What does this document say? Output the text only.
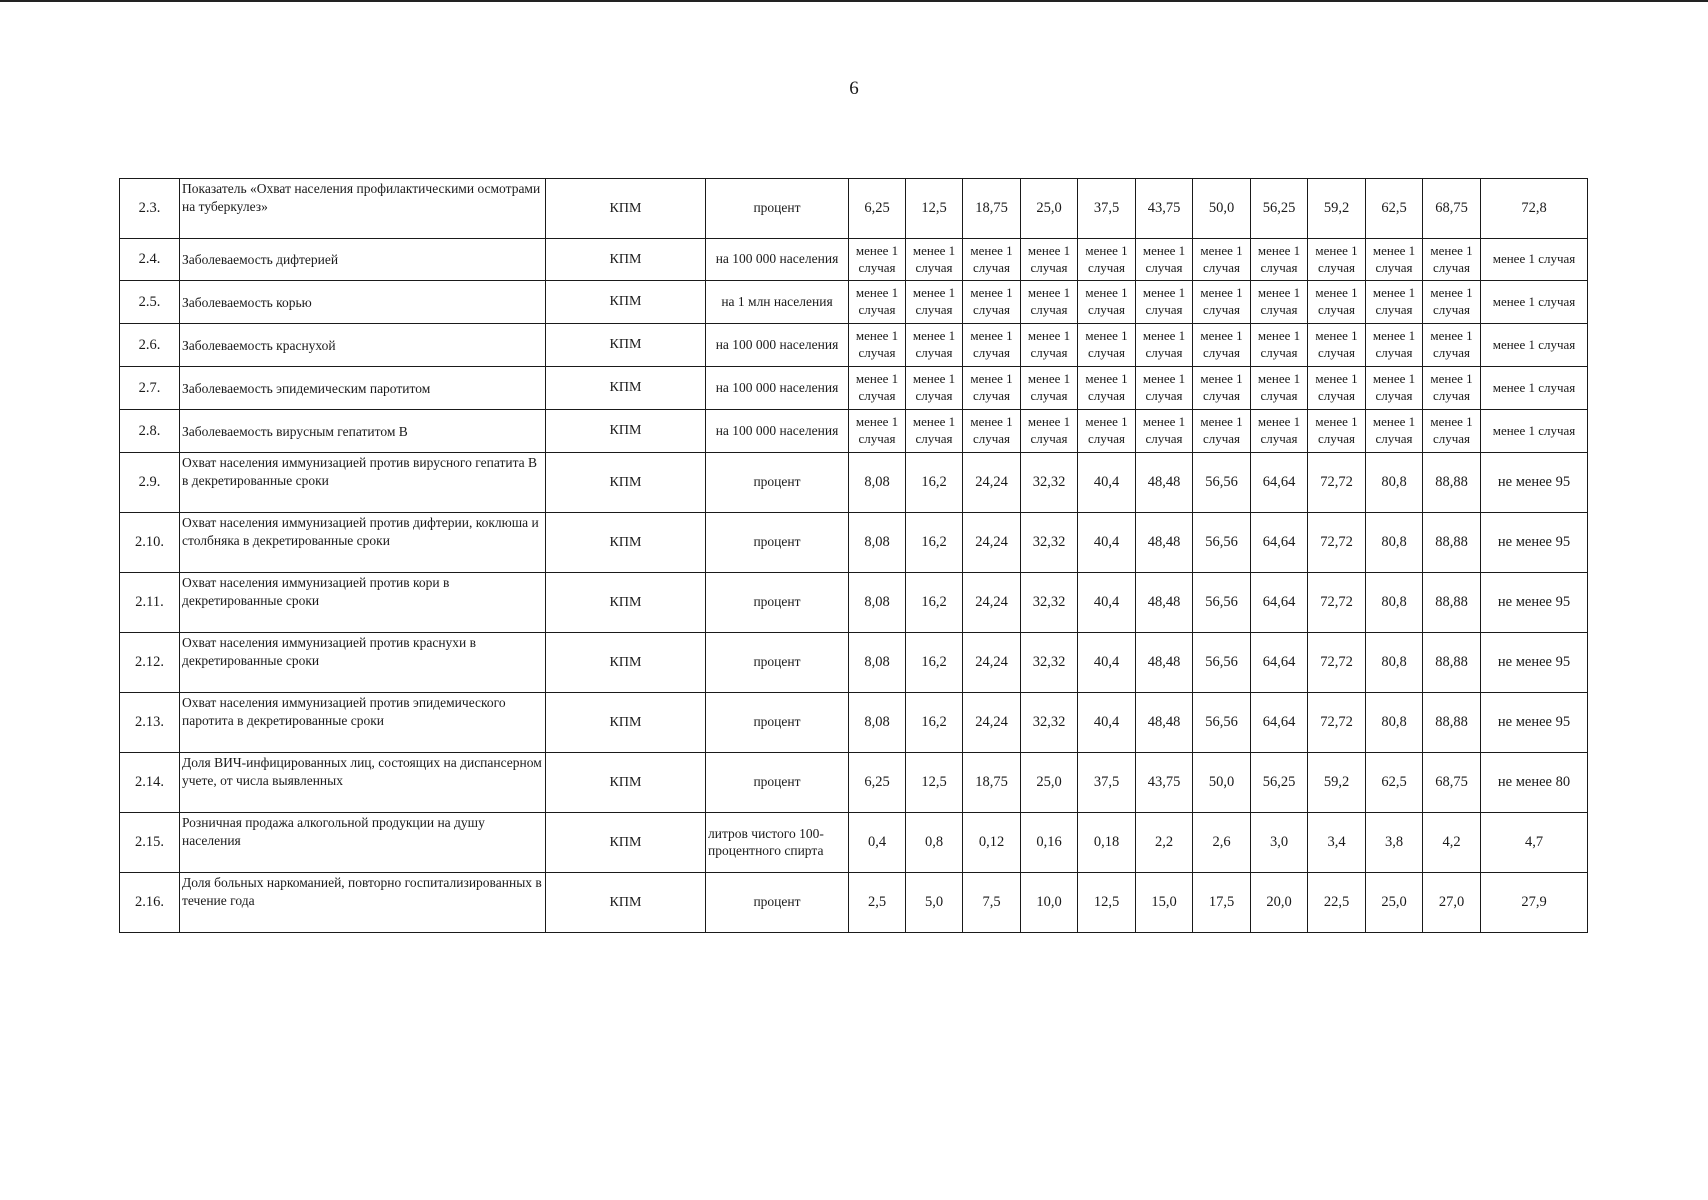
6
2.3.	Показатель «Охват населения профилактическими осмотрами на туберкулез»	КПМ	процент	6,25	12,5	18,75	25,0	37,5	43,75	50,0	56,25	59,2	62,5	68,75	72,8
2.4.	Заболеваемость дифтерией	КПМ	на 100 000 населения	менее 1 случая	менее 1 случая	менее 1 случая	менее 1 случая	менее 1 случая	менее 1 случая	менее 1 случая	менее 1 случая	менее 1 случая	менее 1 случая	менее 1 случая	менее 1 случая
2.5.	Заболеваемость корью	КПМ	на 1 млн населения	менее 1 случая	менее 1 случая	менее 1 случая	менее 1 случая	менее 1 случая	менее 1 случая	менее 1 случая	менее 1 случая	менее 1 случая	менее 1 случая	менее 1 случая	менее 1 случая
2.6.	Заболеваемость краснухой	КПМ	на 100 000 населения	менее 1 случая	менее 1 случая	менее 1 случая	менее 1 случая	менее 1 случая	менее 1 случая	менее 1 случая	менее 1 случая	менее 1 случая	менее 1 случая	менее 1 случая	менее 1 случая
2.7.	Заболеваемость эпидемическим паротитом	КПМ	на 100 000 населения	менее 1 случая	менее 1 случая	менее 1 случая	менее 1 случая	менее 1 случая	менее 1 случая	менее 1 случая	менее 1 случая	менее 1 случая	менее 1 случая	менее 1 случая	менее 1 случая
2.8.	Заболеваемость вирусным гепатитом В	КПМ	на 100 000 населения	менее 1 случая	менее 1 случая	менее 1 случая	менее 1 случая	менее 1 случая	менее 1 случая	менее 1 случая	менее 1 случая	менее 1 случая	менее 1 случая	менее 1 случая	менее 1 случая
2.9.	Охват населения иммунизацией против вирусного гепатита В в декретированные сроки	КПМ	процент	8,08	16,2	24,24	32,32	40,4	48,48	56,56	64,64	72,72	80,8	88,88	не менее 95
2.10.	Охват населения иммунизацией против дифтерии, коклюша и столбняка в декретированные сроки	КПМ	процент	8,08	16,2	24,24	32,32	40,4	48,48	56,56	64,64	72,72	80,8	88,88	не менее 95
2.11.	Охват населения иммунизацией против кори в декретированные сроки	КПМ	процент	8,08	16,2	24,24	32,32	40,4	48,48	56,56	64,64	72,72	80,8	88,88	не менее 95
2.12.	Охват населения иммунизацией против краснухи в декретированные сроки	КПМ	процент	8,08	16,2	24,24	32,32	40,4	48,48	56,56	64,64	72,72	80,8	88,88	не менее 95
2.13.	Охват населения иммунизацией против эпидемического паротита в декретированные сроки	КПМ	процент	8,08	16,2	24,24	32,32	40,4	48,48	56,56	64,64	72,72	80,8	88,88	не менее 95
2.14.	Доля ВИЧ-инфицированных лиц, состоящих на диспансерном учете, от числа выявленных	КПМ	процент	6,25	12,5	18,75	25,0	37,5	43,75	50,0	56,25	59,2	62,5	68,75	не менее 80
2.15.	Розничная продажа алкогольной продукции на душу населения	КПМ	литров чистого 100-процентного спирта	0,4	0,8	0,12	0,16	0,18	2,2	2,6	3,0	3,4	3,8	4,2	4,7
2.16.	Доля больных наркоманией, повторно госпитализированных в течение года	КПМ	процент	2,5	5,0	7,5	10,0	12,5	15,0	17,5	20,0	22,5	25,0	27,0	27,9
